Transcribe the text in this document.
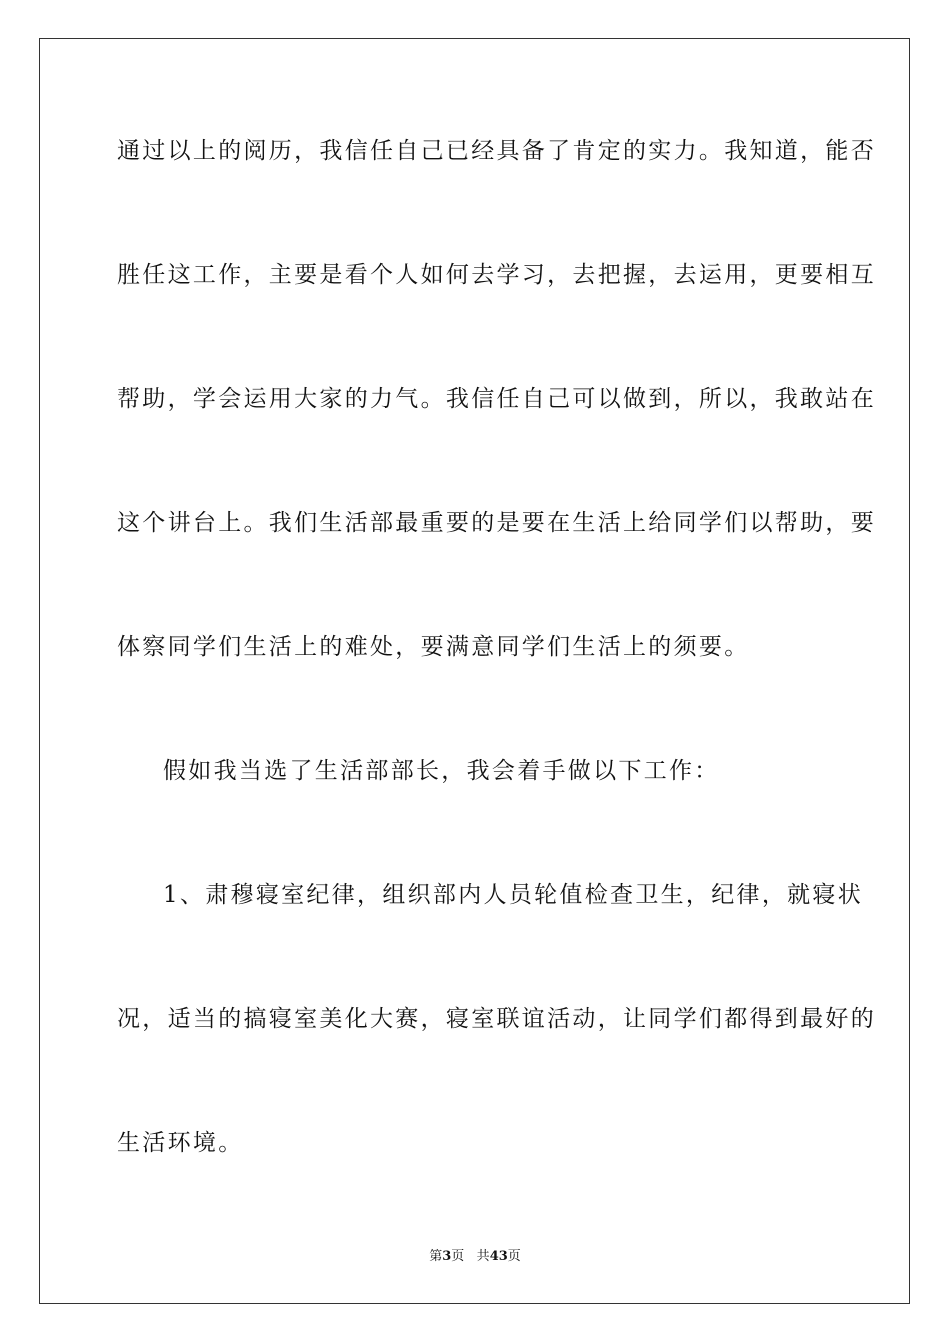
通过以上的阅历，我信任自己已经具备了肯定的实力。我知道，能否
胜任这工作，主要是看个人如何去学习，去把握，去运用，更要相互
帮助，学会运用大家的力气。我信任自己可以做到，所以，我敢站在
这个讲台上。我们生活部最重要的是要在生活上给同学们以帮助，要
体察同学们生活上的难处，要满意同学们生活上的须要。
假如我当选了生活部部长，我会着手做以下工作：
1、肃穆寝室纪律，组织部内人员轮值检查卫生，纪律，就寝状
况，适当的搞寝室美化大赛，寝室联谊活动，让同学们都得到最好的
生活环境。
第3页 共43页
